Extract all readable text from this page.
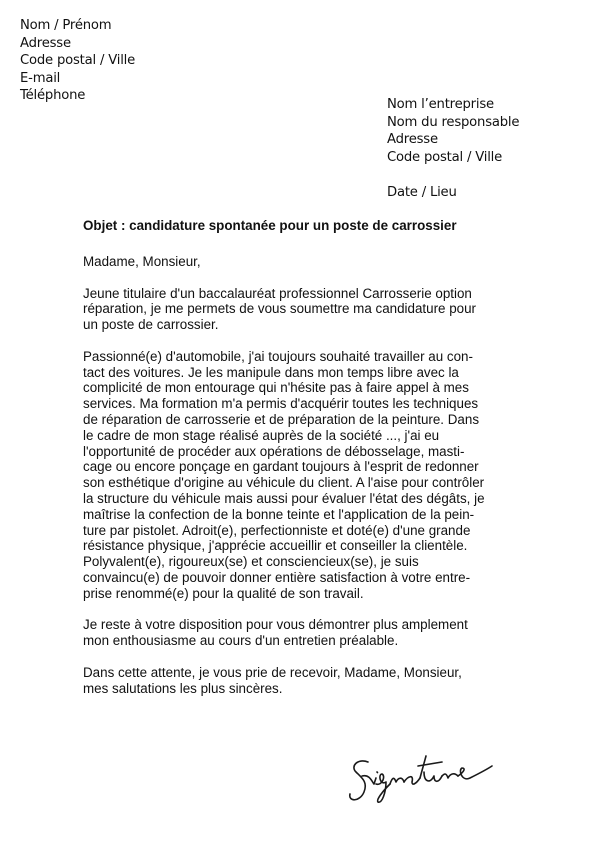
Nom / Prénom
Adresse
Code postal / Ville
E-mail
Téléphone
Nom l’entreprise
Nom du responsable
Adresse
Code postal / Ville
Date / Lieu
Objet : candidature spontanée pour un poste de carrossier

Madame, Monsieur,

Jeune titulaire d'un baccalauréat professionnel Carrosserie option
réparation, je me permets de vous soumettre ma candidature pour
un poste de carrossier.

Passionné(e) d'automobile, j'ai toujours souhaité travailler au con-
tact des voitures. Je les manipule dans mon temps libre avec la
complicité de mon entourage qui n'hésite pas à faire appel à mes
services. Ma formation m'a permis d'acquérir toutes les techniques
de réparation de carrosserie et de préparation de la peinture. Dans
le cadre de mon stage réalisé auprès de la société ..., j'ai eu
l'opportunité de procéder aux opérations de débosselage, masti-
cage ou encore ponçage en gardant toujours à l'esprit de redonner
son esthétique d'origine au véhicule du client. A l'aise pour contrôler
la structure du véhicule mais aussi pour évaluer l'état des dégâts, je
maîtrise la confection de la bonne teinte et l'application de la pein-
ture par pistolet. Adroit(e), perfectionniste et doté(e) d'une grande
résistance physique, j'apprécie accueillir et conseiller la clientèle.
Polyvalent(e), rigoureux(se) et consciencieux(se), je suis
convaincu(e) de pouvoir donner entière satisfaction à votre entre-
prise renommé(e) pour la qualité de son travail.

Je reste à votre disposition pour vous démontrer plus amplement
mon enthousiasme au cours d'un entretien préalable.

Dans cette attente, je vous prie de recevoir, Madame, Monsieur,
mes salutations les plus sincères.
